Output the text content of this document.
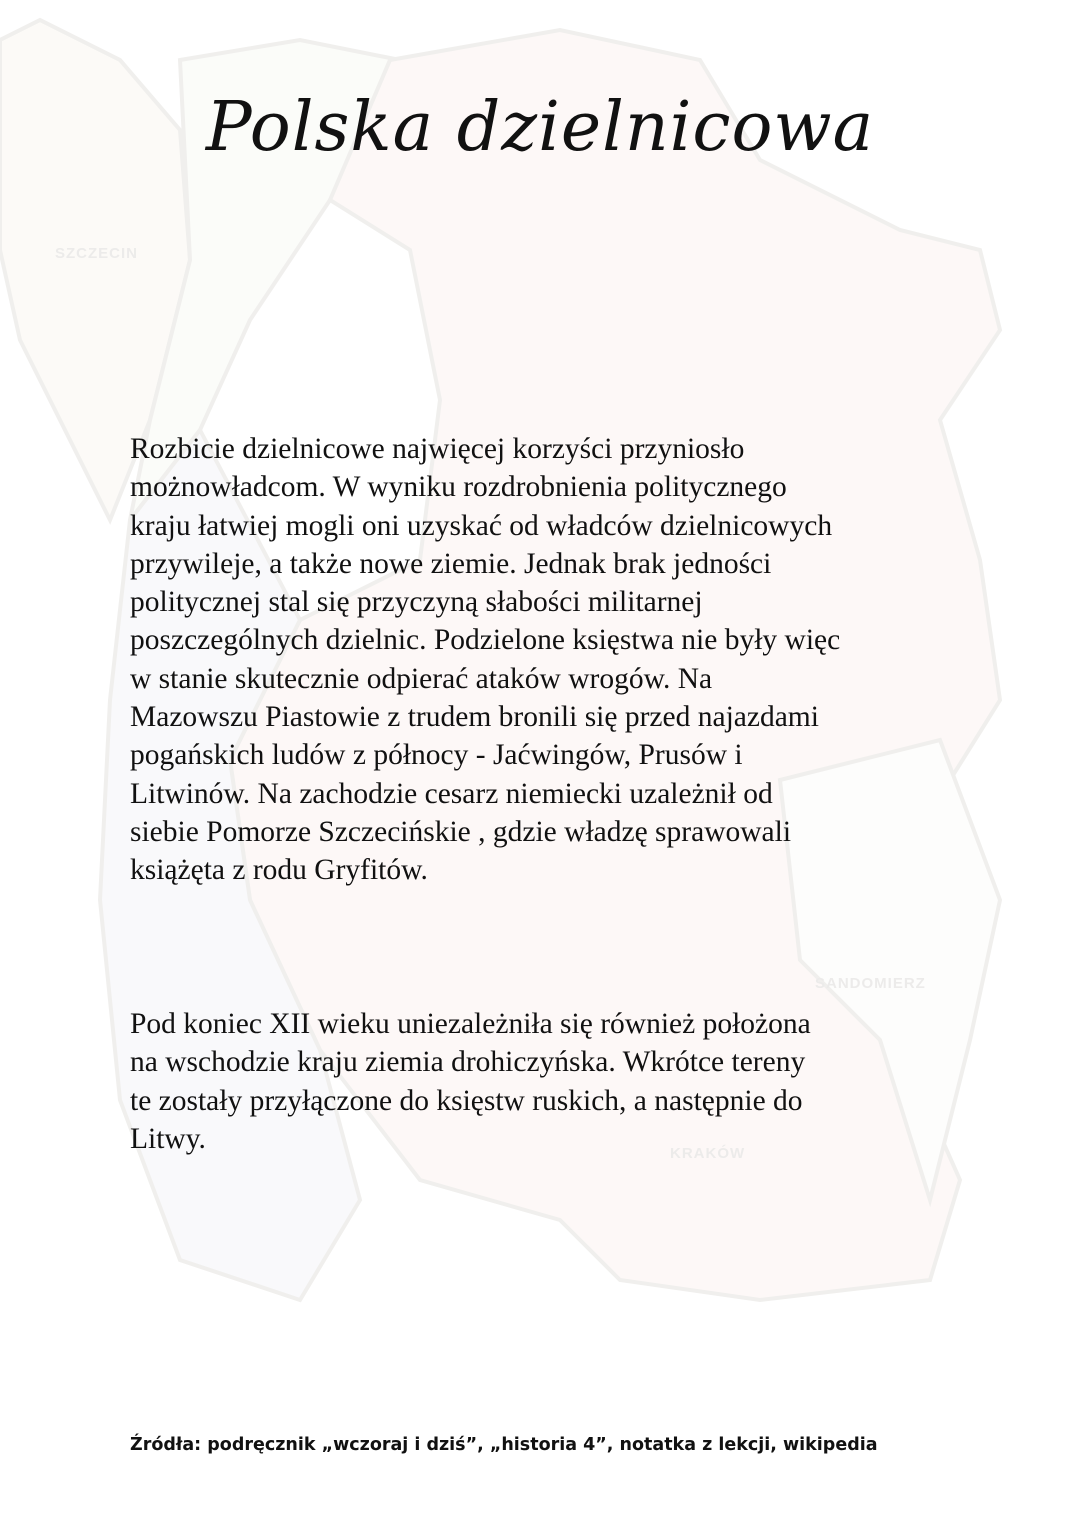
SZCZECIN
SANDOMIERZ
KRAKÓW
Polska dzielnicowa
Rozbicie dzielnicowe najwięcej korzyści przyniosło
możnowładcom. W wyniku rozdrobnienia politycznego
kraju łatwiej mogli oni uzyskać od władców dzielnicowych
przywileje, a także nowe ziemie. Jednak brak jedności
politycznej stal się przyczyną słabości militarnej
poszczególnych dzielnic. Podzielone księstwa nie były więc
w stanie skutecznie odpierać ataków wrogów. Na
Mazowszu Piastowie z trudem bronili się przed najazdami
pogańskich ludów z północy - Jaćwingów, Prusów i
Litwinów. Na zachodzie cesarz niemiecki uzależnił od
siebie Pomorze Szczecińskie , gdzie władzę sprawowali
książęta z rodu Gryfitów.
Pod koniec XII wieku uniezależniła się również położona
na wschodzie kraju ziemia drohiczyńska. Wkrótce tereny
te zostały przyłączone do księstw ruskich, a następnie do
Litwy.
Źródła: podręcznik „wczoraj i dziś”, „historia 4”, notatka z lekcji, wikipedia
